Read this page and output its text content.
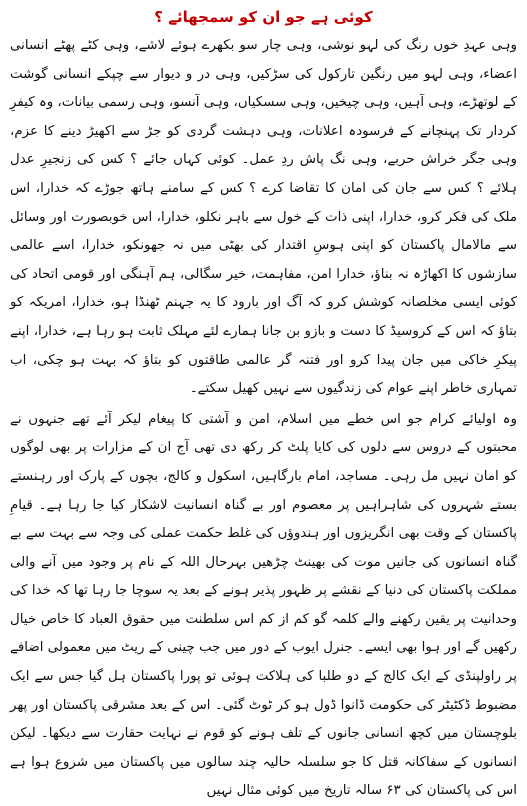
کوئی ہے جو ان کو سمجھائے ؟

وہی عہدِ خوں رنگ کی لہو نوشی، وہی چار سو بکھرے ہوئے لاشے، وہی کٹے پھٹے انسانی اعضاء، وہی لہو میں رنگین تارکول کی سڑکیں، وہی در و دیوار سے چپکے انسانی گوشت کے لوتھڑے، وہی آہیں، وہی چیخیں، وہی سسکیاں، وہی آنسو، وہی رسمی بیانات، وہ کیفرِ کردار تک پہنچانے کے فرسودہ اعلانات، وہی دہشت گردی کو جڑ سے اکھیڑ دینے کا عزم، وہی جگر خراش حربے، وہی نگ پاش ردِ عمل۔ کوئی کہاں جائے ؟ کس کی زنجیرِ عدل ہلائے ؟ کس سے جان کی امان کا تقاضا کرے ؟ کس کے سامنے ہاتھ جوڑے کہ خدارا، اس ملک کی فکر کرو، خدارا، اپنی ذات کے خول سے باہر نکلو، خدارا، اس خوبصورت اور وسائل سے مالامال پاکستان کو اپنی ہوسِ اقتدار کی بھٹی میں نہ جھونکو، خدارا، اسے عالمی سازشوں کا اکھاڑہ نہ بناؤ، خدارا امن، مفاہمت، خیر سگالی، ہم آہنگی اور قومی اتحاد کی کوئی ایسی مخلصانہ کوشش کرو کہ آگ اور بارود کا یہ جہنم ٹھنڈا ہو، خدارا، امریکہ کو بتاؤ کہ اس کے کروسیڈ کا دست و بازو بن جانا ہمارے لئے مہلک ثابت ہو رہا ہے، خدارا، اپنے پیکرِ خاکی میں جان پیدا کرو اور فتنہ گر عالمی طاقتوں کو بتاؤ کہ بہت ہو چکی، اب تمہاری خاطر اپنے عوام کی زندگیوں سے نہیں کھیل سکتے۔

وہ اولیائے کرام جو اس خطے میں اسلام، امن و آشتی کا پیغام لیکر آئے تھے جنہوں نے محبتوں کے دروس سے دلوں کی کایا پلٹ کر رکھ دی تھی آج ان کے مزارات پر بھی لوگوں کو امان نہیں مل رہی۔ مساجد، امام بارگاہیں، اسکول و کالج، بچوں کے پارک اور رہنستے بستے شہروں کی شاہراہیں پر معصوم اور بے گناہ انسانیت لاشکار کیا جا رہا ہے۔ قیامِ پاکستان کے وقت بھی انگریزوں اور ہندوؤں کی غلط حکمت عملی کی وجہ سے بہت سے بے گناہ انسانوں کی جانیں موت کی بھینٹ چڑھیں بہرحال اللہ کے نام پر وجود میں آنے والی مملکت پاکستان کی دنیا کے نقشے پر ظہور پذیر ہونے کے بعد یہ سوچا جا رہا تھا کہ خدا کی وحدانیت پر یقین رکھنے والے کلمہ گو کم از کم اس سلطنت میں حقوق العباد کا خاص خیال رکھیں گے اور ہوا بھی ایسے۔ جنرل ایوب کے دور میں جب چینی کے ریٹ میں معمولی اضافے پر راولپنڈی کے ایک کالج کے دو طلبا کی ہلاکت ہوئی تو پورا پاکستان ہل گیا جس سے ایک مضبوط ڈکٹیٹر کی حکومت ڈانوا ڈول ہو کر ٹوٹ گئی۔ اس کے بعد مشرقی پاکستان اور پھر بلوچستان میں کچھ انسانی جانوں کے تلف ہونے کو قوم نے نہایت حقارت سے دیکھا۔ لیکن انسانوں کے سفاکانہ قتل کا جو سلسلہ حالیہ چند سالوں میں پاکستان میں شروع ہوا ہے اس کی پاکستان کی ۶۳ سالہ تاریخ میں کوئی مثال نہیں
